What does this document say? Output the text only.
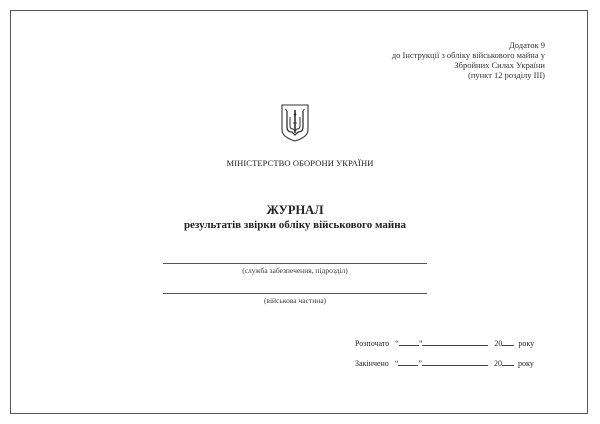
Додаток 9
до Інструкції з обліку військового майна у
Збройних Силах України
(пункт 12 розділу ІІІ)
МІНІСТЕРСТВО ОБОРОНИ УКРАЇНИ
ЖУРНАЛ
результатів звірки обліку військового майна
(служба забезпечення, підрозділ)
(військова частина)
Розпочато “	”	20 року
Закінчено “	”	20 року
